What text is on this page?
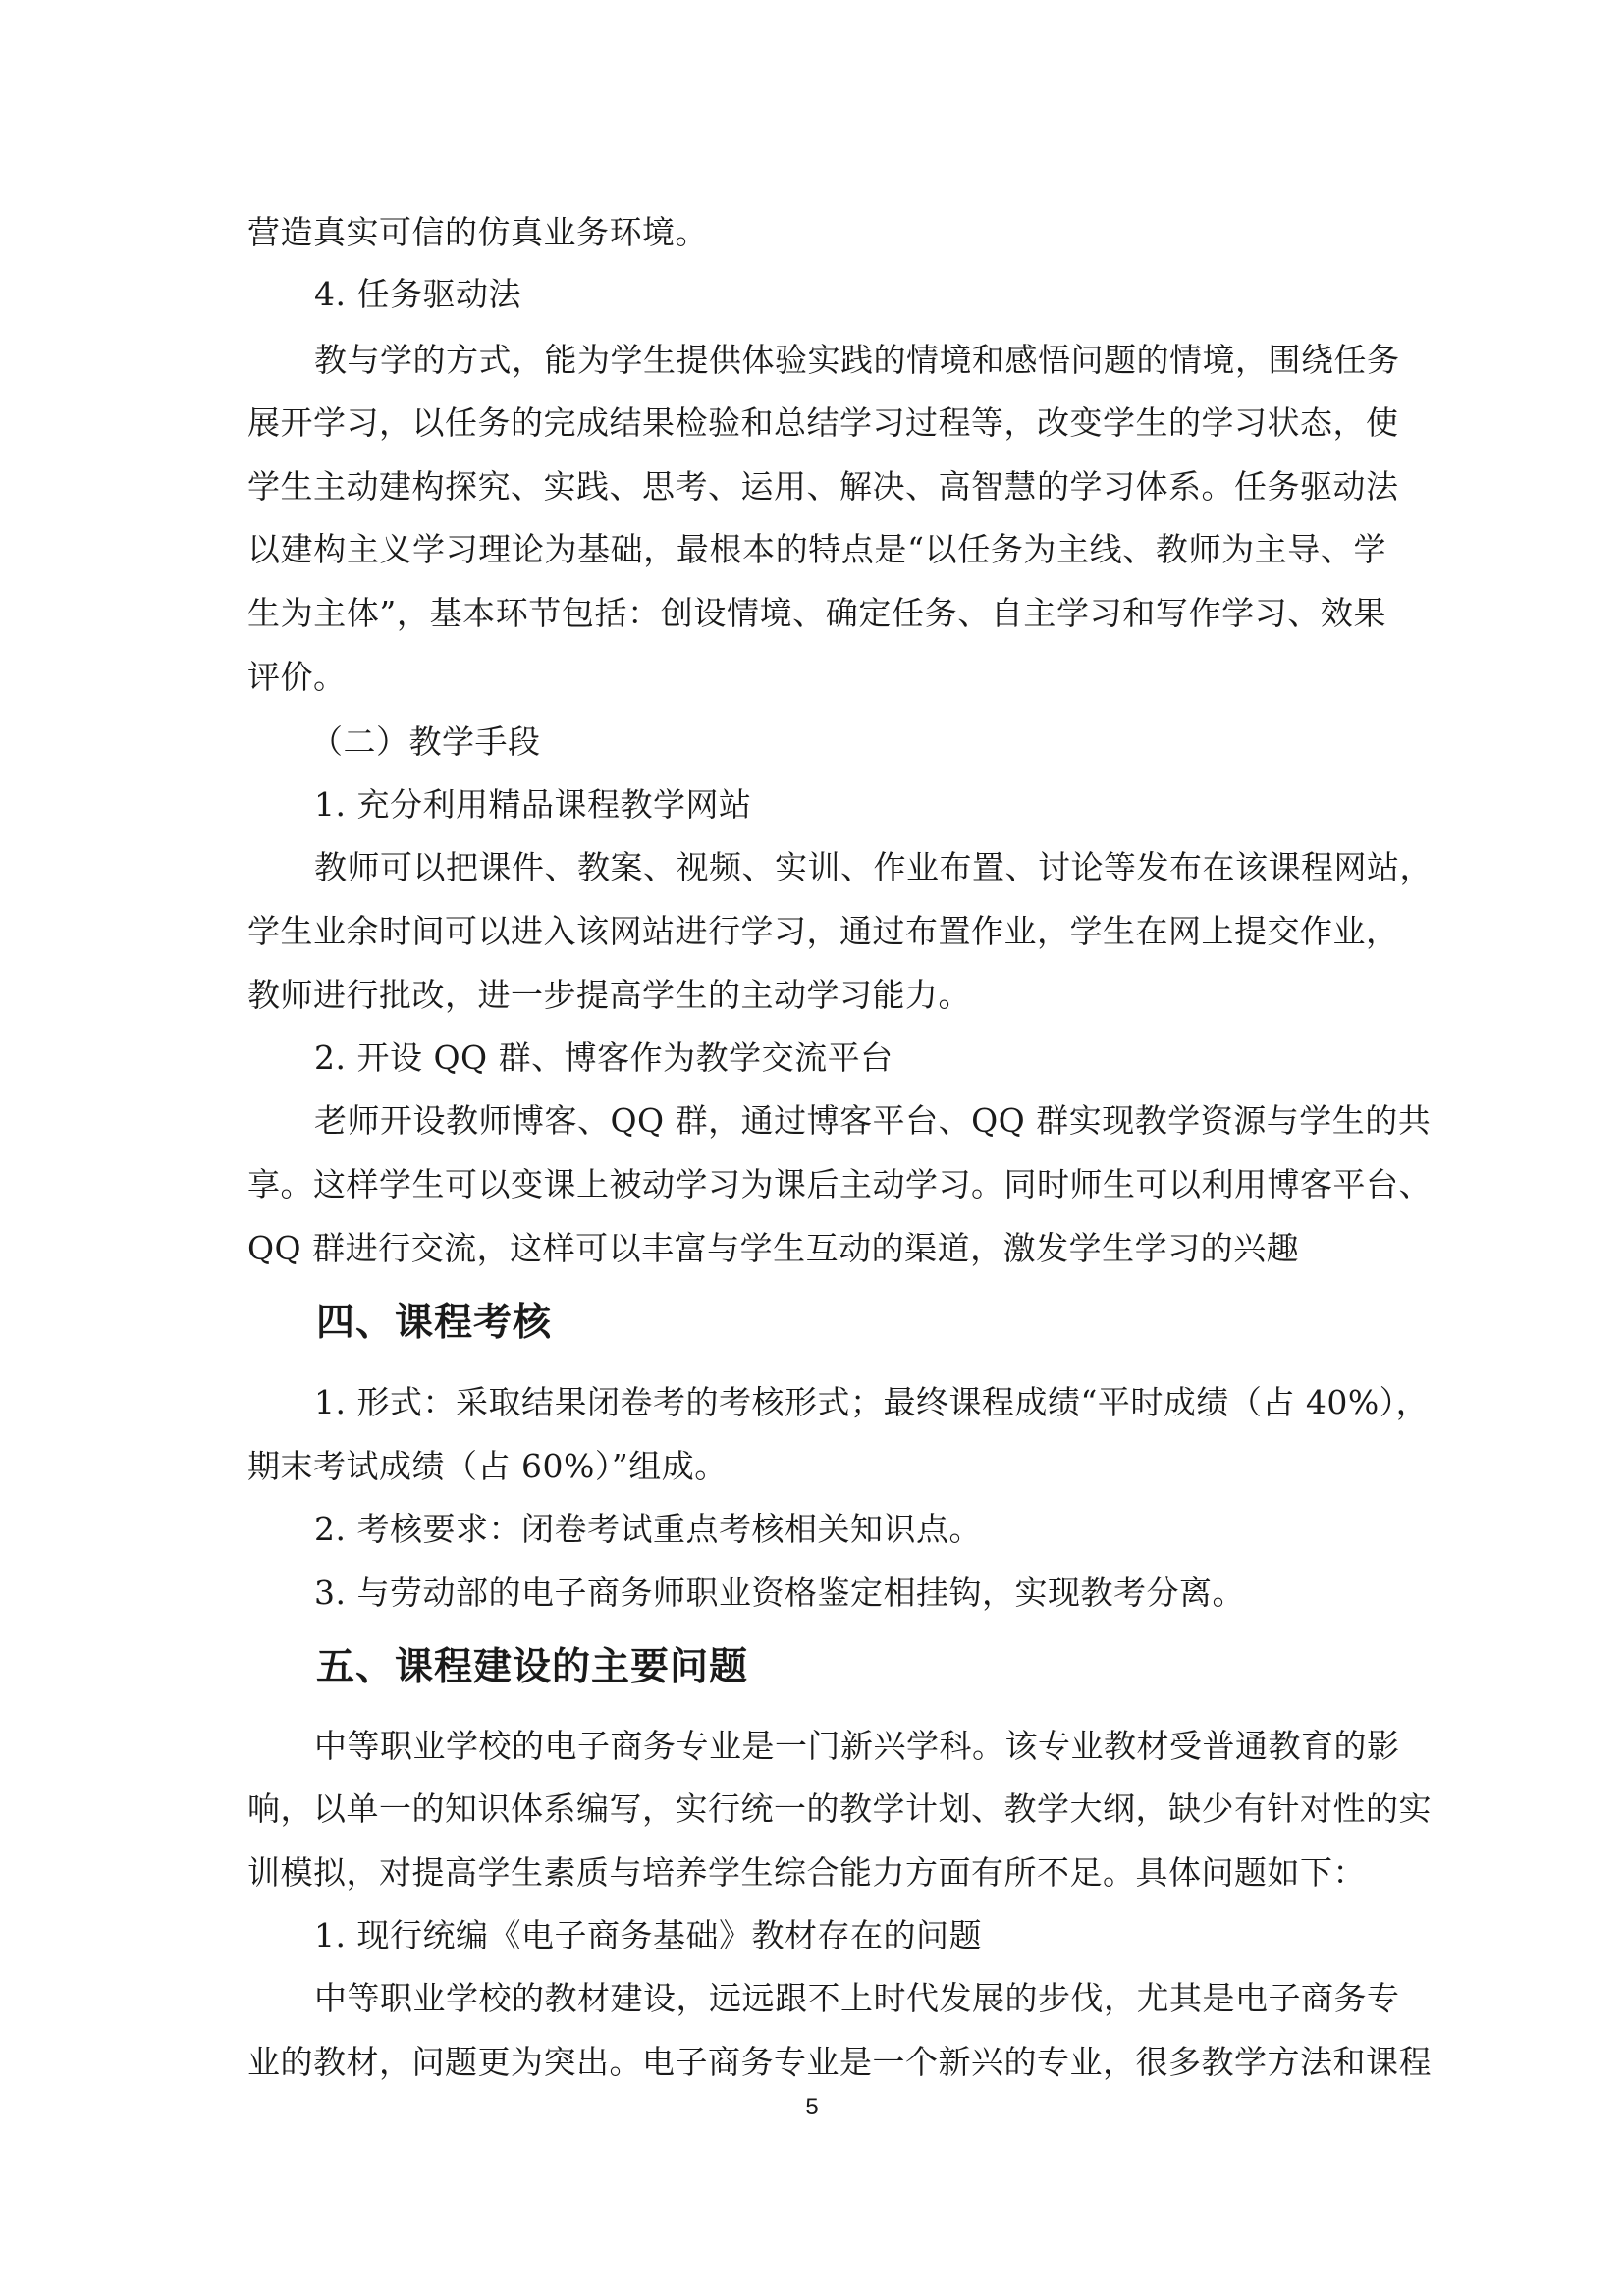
营造真实可信的仿真业务环境。

4. 任务驱动法

教与学的方式，能为学生提供体验实践的情境和感悟问题的情境，围绕任务

展开学习，以任务的完成结果检验和总结学习过程等，改变学生的学习状态，使

学生主动建构探究、实践、思考、运用、解决、高智慧的学习体系。任务驱动法

以建构主义学习理论为基础，最根本的特点是“以任务为主线、教师为主导、学

生为主体”，基本环节包括：创设情境、确定任务、自主学习和写作学习、效果

评价。

（二）教学手段

1. 充分利用精品课程教学网站

教师可以把课件、教案、视频、实训、作业布置、讨论等发布在该课程网站，

学生业余时间可以进入该网站进行学习，通过布置作业，学生在网上提交作业，

教师进行批改，进一步提高学生的主动学习能力。

2. 开设 QQ 群、博客作为教学交流平台

老师开设教师博客、QQ 群，通过博客平台、QQ 群实现教学资源与学生的共

享。这样学生可以变课上被动学习为课后主动学习。同时师生可以利用博客平台、

QQ 群进行交流，这样可以丰富与学生互动的渠道，激发学生学习的兴趣

四、课程考核

1. 形式：采取结果闭卷考的考核形式；最终课程成绩“平时成绩（占 40%），

期末考试成绩（占 60%）”组成。

2. 考核要求：闭卷考试重点考核相关知识点。

3. 与劳动部的电子商务师职业资格鉴定相挂钩，实现教考分离。

五、课程建设的主要问题

中等职业学校的电子商务专业是一门新兴学科。该专业教材受普通教育的影

响，以单一的知识体系编写，实行统一的教学计划、教学大纲，缺少有针对性的实

训模拟，对提高学生素质与培养学生综合能力方面有所不足。具体问题如下：

1. 现行统编《电子商务基础》教材存在的问题

中等职业学校的教材建设，远远跟不上时代发展的步伐，尤其是电子商务专

业的教材，问题更为突出。电子商务专业是一个新兴的专业，很多教学方法和课程

5
